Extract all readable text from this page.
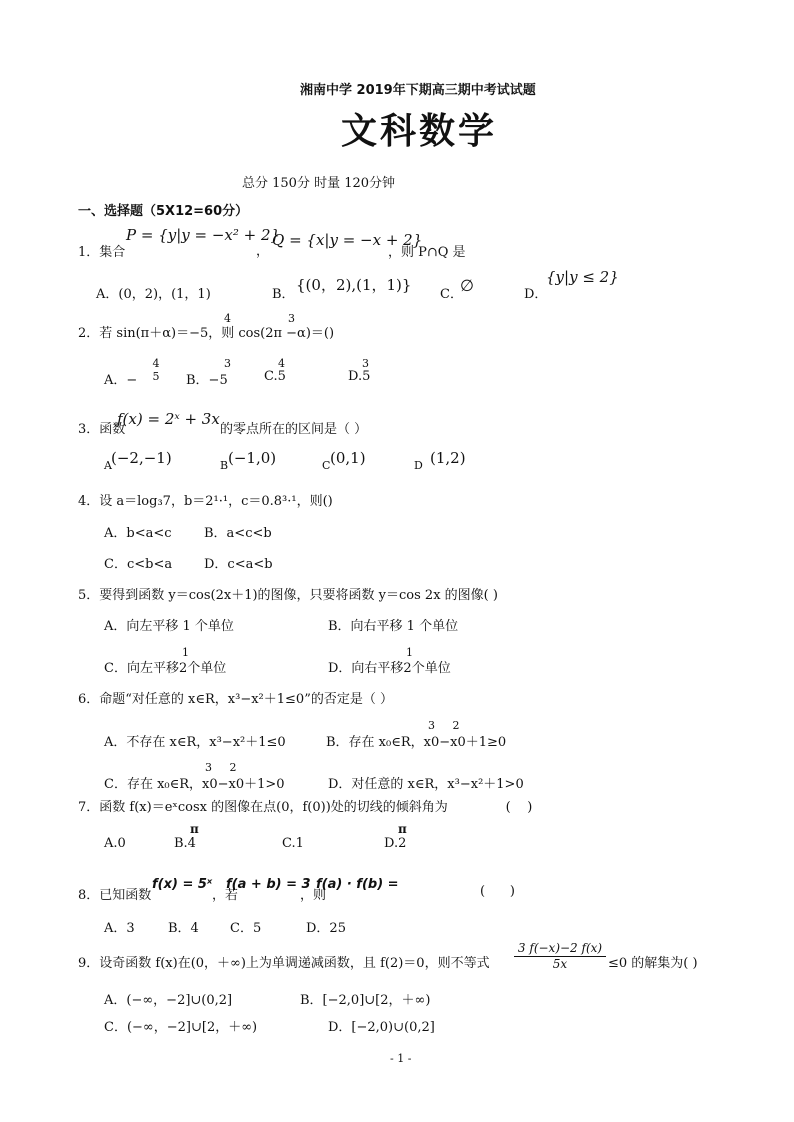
湘南中学 2019年下期高三期中考试试题
文科数学
总分 150分 时量 120分钟
一、选择题（5X12=60分）
1．集合
P = {y|y = −x² + 2}
，
Q = {x|y = −x + 2}
，则 P∩Q 是
A．(0，2)，(1，1)	B．
{(0，2),(1，1)}
C．
∅	D．
{y|y ≤ 2}
4	3
2．若 sin(π＋α)＝−5，则 cos(2π −α)＝()
A．−
4
5
3
B．−5
4
C.5
3
D.5
3．函数
f(x) = 2ˣ + 3x
的零点所在的区间是（ ）
A (−2,−1)	B (−1,0)	C (0,1)	D (1,2)
4．设 a＝log₃7，b＝2¹·¹，c＝0.8³·¹，则()
A．b<a<c B．a<c<b
C．c<b<a D．c<a<b
5．要得到函数 y＝cos(2x＋1)的图像，只要将函数 y＝cos 2x 的图像( )
A．向左平移 1 个单位	B．向右平移 1 个单位
1
C．向左平移2个单位
1
D．向右平移2个单位
6．命题“对任意的 x∈R，x³−x²＋1≤0”的否定是（ ）
A．不存在 x∈R，x³−x²＋1≤0
3     2
B．存在 x₀∈R，x0−x0＋1≥0
3     2
C．存在 x₀∈R，x0−x0＋1>0	D．对任意的 x∈R，x³−x²＋1>0
7．函数 f(x)＝eˣcosx 的图像在点(0，f(0))处的切线的倾斜角为              (    )
A.0
π
B.4	C.1
π
D.2
8．已知函数
f(x) = 5ˣ
，若
f(a + b) = 3
，则
f(a) · f(b) =	(      )
A．3	B．4 C．5	D．25
9．设奇函数 f(x)在(0，＋∞)上为单调递减函数，且 f(2)＝0，则不等式 $\frac{3 f(-x)-2 f(x)}{5x} \le 0$ 的解集为( )
A．(−∞，−2]∪(0,2]	B．[−2,0]∪[2，＋∞)
C．(−∞，−2]∪[2，＋∞)	D．[−2,0)∪(0,2]
- 1 -
